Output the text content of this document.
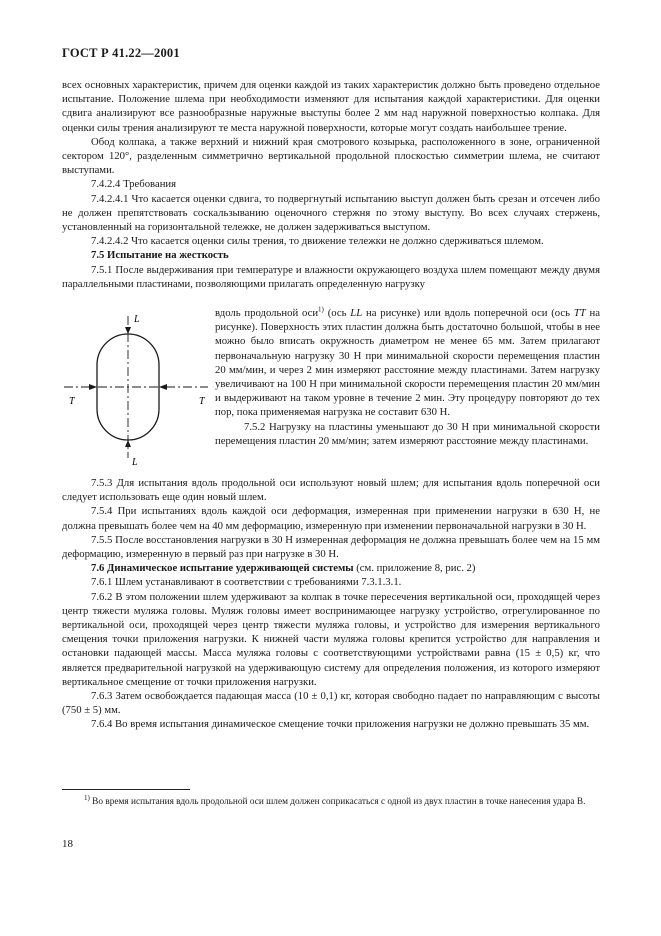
ГОСТ Р 41.22—2001

всех основных характеристик, причем для оценки каждой из таких характеристик должно быть проведено отдельное испытание. Положение шлема при необходимости изменяют для испытания каждой характеристики. Для оценки сдвига анализируют все разнообразные наружные выступы более 2 мм над наружной поверхностью колпака. Для оценки силы трения анализируют те места наружной поверхности, которые могут создать наибольшее трение.

Обод колпака, а также верхний и нижний края смотрового козырька, расположенного в зоне, ограниченной сектором 120°, разделенным симметрично вертикальной продольной плоскостью симметрии шлема, не считают выступами.

7.4.2.4 Требования

7.4.2.4.1 Что касается оценки сдвига, то подвергнутый испытанию выступ должен быть срезан и отсечен либо не должен препятствовать соскальзыванию оценочного стержня по этому выступу. Во всех случаях стержень, установленный на горизонтальной тележке, не должен задерживаться выступом.

7.4.2.4.2 Что касается оценки силы трения, то движение тележки не должно сдерживаться шлемом.

7.5 Испытание на жесткость

7.5.1 После выдерживания при температуре и влажности окружающего воздуха шлем помещают между двумя параллельными пластинами, позволяющими прилагать определенную нагрузку

L
L
T	T

вдоль продольной оси$^{1)}$ (ось LL на рисунке) или вдоль поперечной оси (ось TT на рисунке). Поверхность этих пластин должна быть достаточно большой, чтобы в нее можно было вписать окружность диаметром не менее 65 мм. Затем прилагают первоначальную нагрузку 30 Н при минимальной скорости перемещения пластин 20 мм/мин, и через 2 мин измеряют расстояние между пластинами. Затем нагрузку увеличивают на 100 Н при минимальной скорости перемещения пластин 20 мм/мин и выдерживают на таком уровне в течение 2 мин. Эту процедуру повторяют до тех пор, пока применяемая нагрузка не составит 630 Н.

7.5.2 Нагрузку на пластины уменьшают до 30 Н при минимальной скорости перемещения пластин 20 мм/мин; затем измеряют расстояние между пластинами.

7.5.3 Для испытания вдоль продольной оси используют новый шлем; для испытания вдоль поперечной оси следует использовать еще один новый шлем.

7.5.4 При испытаниях вдоль каждой оси деформация, измеренная при применении нагрузки в 630 Н, не должна превышать более чем на 40 мм деформацию, измеренную при изменении первоначальной нагрузки в 30 Н.

7.5.5 После восстановления нагрузки в 30 Н измеренная деформация не должна превышать более чем на 15 мм деформацию, измеренную в первый раз при нагрузке в 30 Н.

7.6 Динамическое испытание удерживающей системы (см. приложение 8, рис. 2)

7.6.1 Шлем устанавливают в соответствии с требованиями 7.3.1.3.1.

7.6.2 В этом положении шлем удерживают за колпак в точке пересечения вертикальной оси, проходящей через центр тяжести муляжа головы. Муляж головы имеет воспринимающее нагрузку устройство, отрегулированное по вертикальной оси, проходящей через центр тяжести муляжа головы, и устройство для измерения вертикального смещения точки приложения нагрузки. К нижней части муляжа головы крепится устройство для направления и остановки падающей массы. Масса муляжа головы с соответствующими устройствами равна (15 ± 0,5) кг, что является предварительной нагрузкой на удерживающую систему для определения положения, из которого измеряют вертикальное смещение от точки приложения нагрузки.

7.6.3 Затем освобождается падающая масса (10 ± 0,1) кг, которая свободно падает по направляющим с высоты (750 ± 5) мм.

7.6.4 Во время испытания динамическое смещение точки приложения нагрузки не должно превышать 35 мм.

$^{1)}$ Во время испытания вдоль продольной оси шлем должен соприкасаться с одной из двух пластин в точке нанесения удара В.

18
